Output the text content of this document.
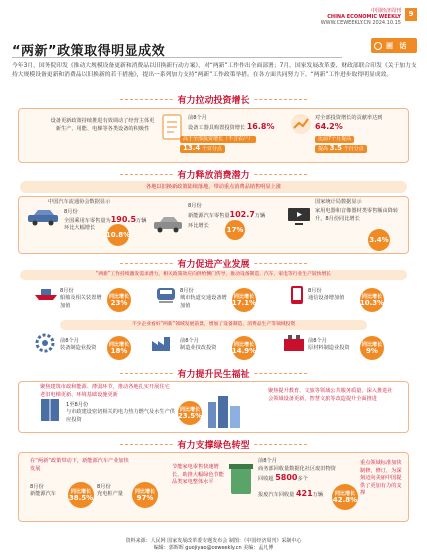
中国经济周刊
CHINA ECONOMIC WEEKLY
WWW.CEWEEKLY.CN 2024.10.15
9
画 话
“两新”政策取得明显成效
今年3月，国务院印发《推动大规模设备更新和消费品以旧换新行动方案》，对“两新”工作作出全面部署；7月，国家发展改革委、财政部联合印发《关于加力支持大规模设备更新和消费品以旧换新的若干措施》，提出一系列加力支持“两新”工作政策举措。在各方面共同努力下，“两新”工作进步取得明显成效。
有力拉动投资增长
设备更新政策持续推进有效调动了经营主体更新生产、用能、电梯等各类设备的积极性
前8个月
设备工器具购置投资增长 16.8%
高于全部投资增长（不含农户）
13.4 个百分点
对全部投资增长的贡献率达到 64.2%
比前7个月提高
提高 3.5 个百分点
有力释放消费潜力
各地以旧换新政策陆续落地，带动重点消费品销售明显上涨
中国汽车流通协会数据显示
8月份
全国乘用车零售量为190.5万辆
环比大幅增长
10.8%
8月份
新能源汽车零售量102.7万辆
环比增长	17%
国家统计局数据显示
家用电器和音像器材类零售额由降转升，8月份同比增长
3.4%
有力促进产业发展
“两新”工作持续激发需求潜力，相关政策效应向供给侧门传导，推动设备制造、汽车、家电等行业生产较快增长
8月份
船舶及相关装置增加值
同比增长
23%
8月份
城市轨道交通设备增加值
同比增长
17.1%
8月份
通信设备增加值	同比增长
10.3%
不少企业看好“两新”领域发展前景，增加了设备制造、消费品生产等领域投资
前8个月
装备制造业投资	同比增长
18%
前8个月
制造业技改投资	同比增长
14.9%
前8个月
原材料制造业投资	同比增长
9%
有力提升民生福祉
聚焦建筑市政和能源、薄弱环节，推动各地扎实开展住宅老旧电梯更新、环境基础设施更新
1至8月份
与市政建设密切相关的电力热力燃气及水生产供应投资
同比增长
23.5%
聚焦提升教育、文旅等领域公共服务质量，深入推进社会领域设备更新，智慧文旅等改造提升全面推进
有力支撑绿色转型
在“两新”政策带动下，新能源汽车产业加快发展
8月份
新能源汽车	同比增长
38.5%
8月份
充电桩产量 同比增长
97%
节能家电零售快速增长，助推大幅绿色节能品类家电整体水平
前8个月
商务部回收量数据化社区废旧物资回收超 5800多个
报废汽车回收量 421万辆	同比增长
42.8%
重点领域标准加快制修，修订，为深刻迈向美丽中国提供了更加有力的支撑
资料来源：人民网 国家发展改革委专题发布会 制图：《中国经济周刊》采制中心
编辑：郭晖晖 guojiyao@ceweekly.cn 美编：孟凡博
